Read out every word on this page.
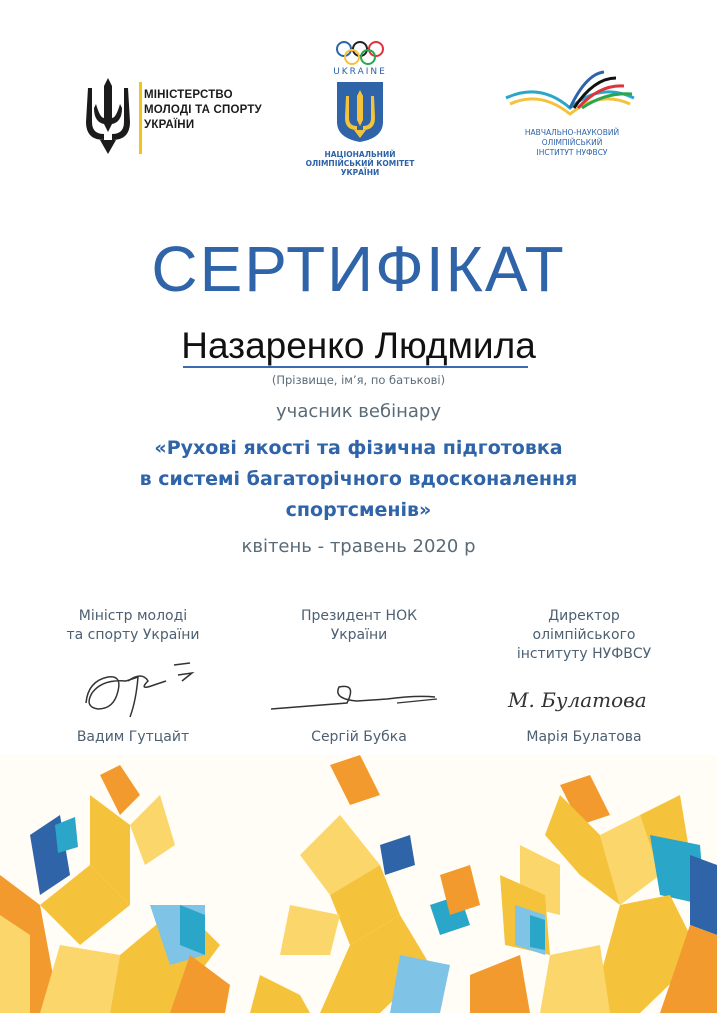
МІНІСТЕРСТВО
МОЛОДІ ТА СПОРТУ
УКРАЇНИ
UKRAINE
НАЦІОНАЛЬНИЙ
ОЛІМПІЙСЬКИЙ КОМІТЕТ
УКРАЇНИ
НАВЧАЛЬНО-НАУКОВИЙ
ОЛІМПІЙСЬКИЙ
ІНСТИТУТ НУФВСУ
СЕРТИФІКАТ
Назаренко Людмила
(Прізвище, ім’я, по батькові)
учасник вебінару
«Рухові якості та фізична підготовка
в системі багаторічного вдосконалення
спортсменів»
квітень - травень 2020 р
Міністр молоді
та спорту України
Вадим Гутцайт
Президент НОК
України
Сергій Бубка
Директор
олімпійського
інституту НУФВСУ
М. Булатова
Марія Булатова
